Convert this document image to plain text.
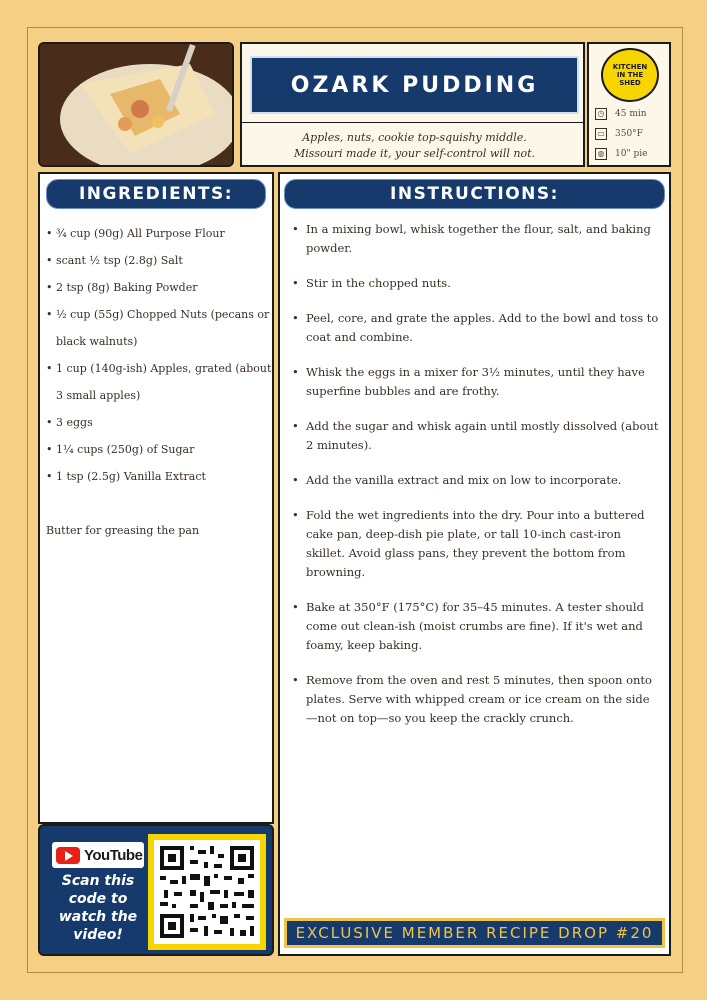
OZARK PUDDING
Apples, nuts, cookie top-squishy middle.
Missouri made it, your self-control will not.
KITCHEN
IN THE
SHED
◷ 45 min
▭ 350°F
◍ 10" pie
INGREDIENTS:
• ¾ cup (90g) All Purpose Flour
• scant ½ tsp (2.8g) Salt
• 2 tsp (8g) Baking Powder
• ½ cup (55g) Chopped Nuts (pecans or black walnuts)
• 1 cup (140g-ish) Apples, grated (about 3 small apples)
• 3 eggs
• 1¼ cups (250g) of Sugar
• 1 tsp (2.5g) Vanilla Extract
Butter for greasing the pan
YouTube
Scan this code to watch the video!
INSTRUCTIONS:
• In a mixing bowl, whisk together the flour, salt, and baking powder.
• Stir in the chopped nuts.
• Peel, core, and grate the apples. Add to the bowl and toss to coat and combine.
• Whisk the eggs in a mixer for 3½ minutes, until they have superfine bubbles and are frothy.
• Add the sugar and whisk again until mostly dissolved (about 2 minutes).
• Add the vanilla extract and mix on low to incorporate.
• Fold the wet ingredients into the dry. Pour into a buttered cake pan, deep-dish pie plate, or tall 10-inch cast-iron skillet. Avoid glass pans, they prevent the bottom from browning.
• Bake at 350°F (175°C) for 35–45 minutes. A tester should come out clean-ish (moist crumbs are fine). If it's wet and foamy, keep baking.
• Remove from the oven and rest 5 minutes, then spoon onto plates. Serve with whipped cream or ice cream on the side—not on top—so you keep the crackly crunch.
EXCLUSIVE MEMBER RECIPE DROP #20
